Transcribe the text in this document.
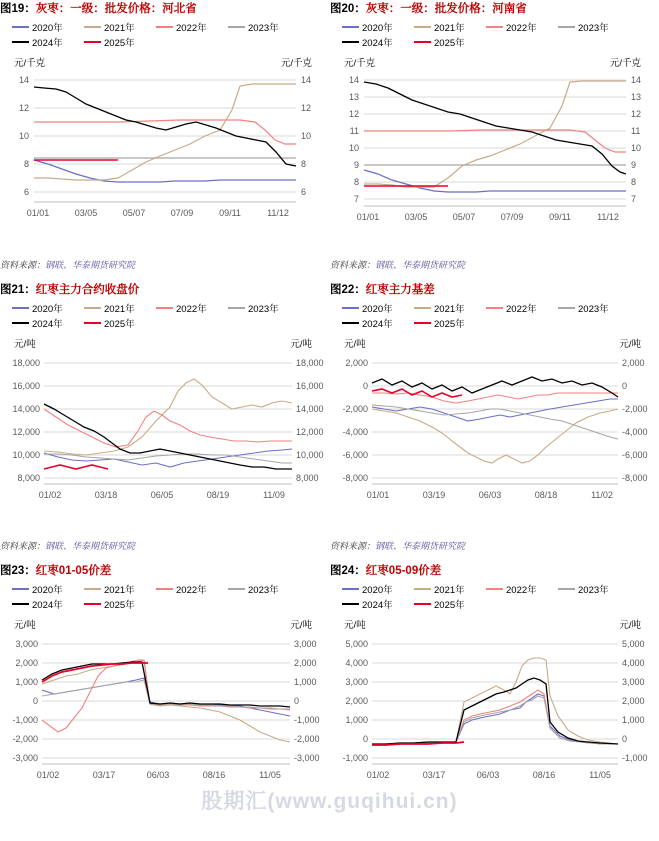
图19：灰枣：一级：批发价格：河北省
2020年	2021年	2022年	2023年
2024年	2025年
元/千克	元/千克
14
12
10
8
6
14
12
10
8
6
01/01	03/05	05/07	07/09	09/11	11/12
资料来源：钢联、华泰期货研究院
图20：灰枣：一级：批发价格：河南省
2020年	2021年	2022年	2023年
2024年	2025年
元/千克	元/千克
14
13
12
11
10
9
8
7
14
13
12
11
10
9
8
7
01/01	03/05	05/07	07/09	09/11	11/12
资料来源：钢联、华泰期货研究院
图21：红枣主力合约收盘价
2020年	2021年	2022年	2023年
2024年	2025年
元/吨	元/吨
18,000
16,000
14,000
12,000
10,000
8,000
18,000
16,000
14,000
12,000
10,000
8,000
01/02	03/18	06/05	08/19	11/09
资料来源：钢联、华泰期货研究院
图22：红枣主力基差
2020年	2021年	2022年	2023年
2024年	2025年
元/吨	元/吨
2,000
0
-2,000
-4,000
-6,000
-8,000
2,000
0
-2,000
-4,000
-6,000
-8,000
01/01	03/19	06/03	08/18	11/02
资料来源：钢联、华泰期货研究院
图23：红枣01-05价差
2020年	2021年	2022年	2023年
2024年	2025年
元/吨	元/吨
3,000
2,000
1,000
0
-1,000
-2,000
-3,000
3,000
2,000
1,000
0
-1,000
-2,000
-3,000
01/02	03/17	06/03	08/16	11/05
图24：红枣05-09价差
2020年	2021年	2022年	2023年
2024年	2025年
元/吨	元/吨
5,000
4,000
3,000
2,000
1,000
0
-1,000
5,000
4,000
3,000
2,000
1,000
0
-1,000
01/02	03/17	06/03	08/16	11/05
股期汇(www.guqihui.cn)
